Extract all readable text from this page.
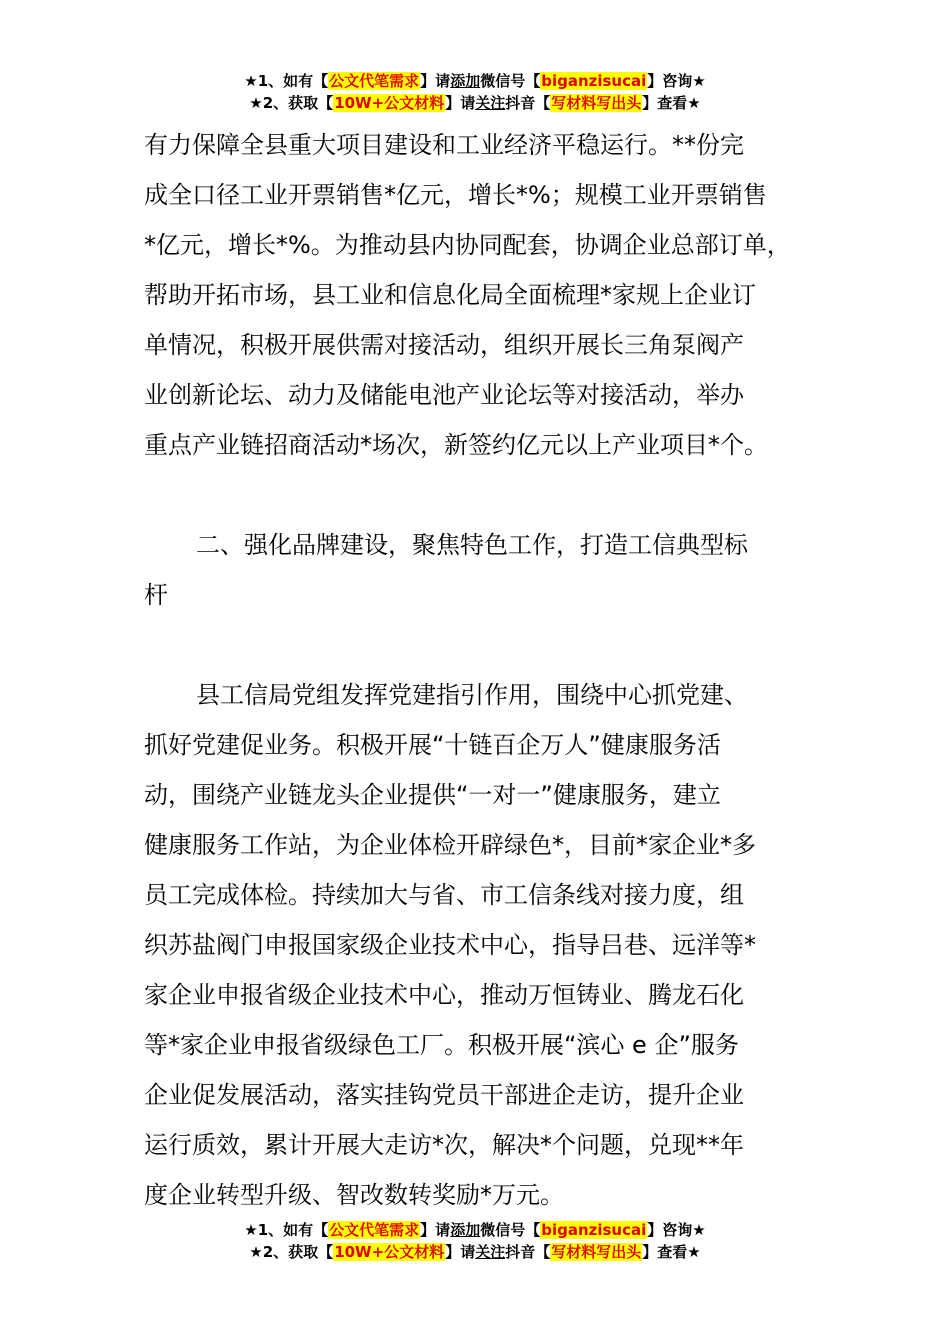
★1、如有【公文代笔需求】请添加微信号【biganzisucai】咨询★
★2、获取【10W+公文材料】请关注抖音【写材料写出头】查看★
有力保障全县重大项目建设和工业经济平稳运行。**份完
成全口径工业开票销售*亿元，增长*%；规模工业开票销售
*亿元，增长*%。为推动县内协同配套，协调企业总部订单，
帮助开拓市场，县工业和信息化局全面梳理*家规上企业订
单情况，积极开展供需对接活动，组织开展长三角泵阀产
业创新论坛、动力及储能电池产业论坛等对接活动，举办
重点产业链招商活动*场次，新签约亿元以上产业项目*个。
二、强化品牌建设，聚焦特色工作，打造工信典型标
杆
县工信局党组发挥党建指引作用，围绕中心抓党建、
抓好党建促业务。积极开展“十链百企万人”健康服务活
动，围绕产业链龙头企业提供“一对一”健康服务，建立
健康服务工作站，为企业体检开辟绿色*，目前*家企业*多
员工完成体检。持续加大与省、市工信条线对接力度，组
织苏盐阀门申报国家级企业技术中心，指导吕巷、远洋等*
家企业申报省级企业技术中心，推动万恒铸业、腾龙石化
等*家企业申报省级绿色工厂。积极开展“滨心 e 企”服务
企业促发展活动，落实挂钩党员干部进企走访，提升企业
运行质效，累计开展大走访*次，解决*个问题，兑现**年
度企业转型升级、智改数转奖励*万元。
★1、如有【公文代笔需求】请添加微信号【biganzisucai】咨询★
★2、获取【10W+公文材料】请关注抖音【写材料写出头】查看★
